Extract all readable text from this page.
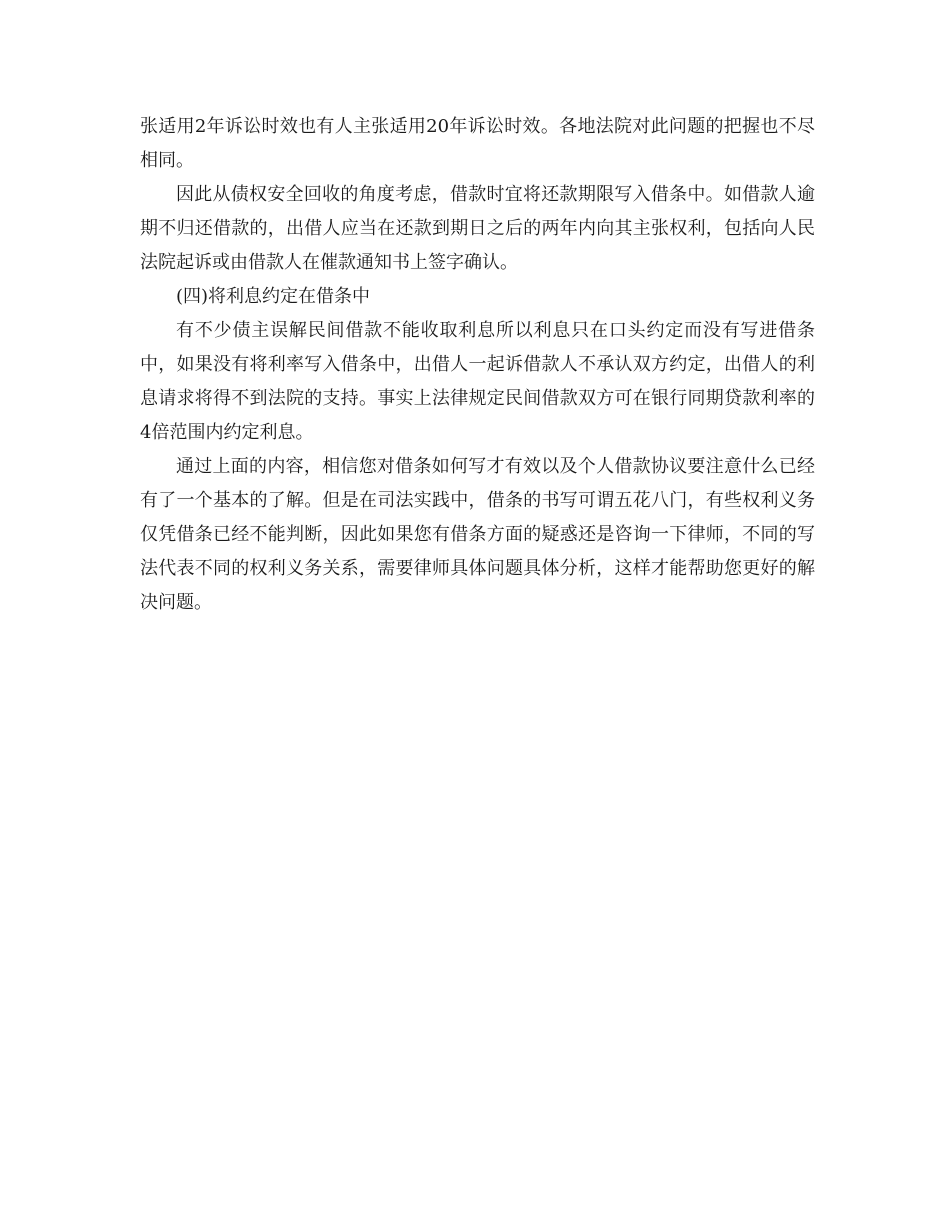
张适用2年诉讼时效也有人主张适用20年诉讼时效。各地法院对此问题的把握也不尽相同。

因此从债权安全回收的角度考虑，借款时宜将还款期限写入借条中。如借款人逾期不归还借款的，出借人应当在还款到期日之后的两年内向其主张权利，包括向人民法院起诉或由借款人在催款通知书上签字确认。

(四)将利息约定在借条中

有不少债主误解民间借款不能收取利息所以利息只在口头约定而没有写进借条中，如果没有将利率写入借条中，出借人一起诉借款人不承认双方约定，出借人的利息请求将得不到法院的支持。事实上法律规定民间借款双方可在银行同期贷款利率的4倍范围内约定利息。

通过上面的内容，相信您对借条如何写才有效以及个人借款协议要注意什么已经有了一个基本的了解。但是在司法实践中，借条的书写可谓五花八门，有些权利义务仅凭借条已经不能判断，因此如果您有借条方面的疑惑还是咨询一下律师，不同的写法代表不同的权利义务关系，需要律师具体问题具体分析，这样才能帮助您更好的解决问题。
